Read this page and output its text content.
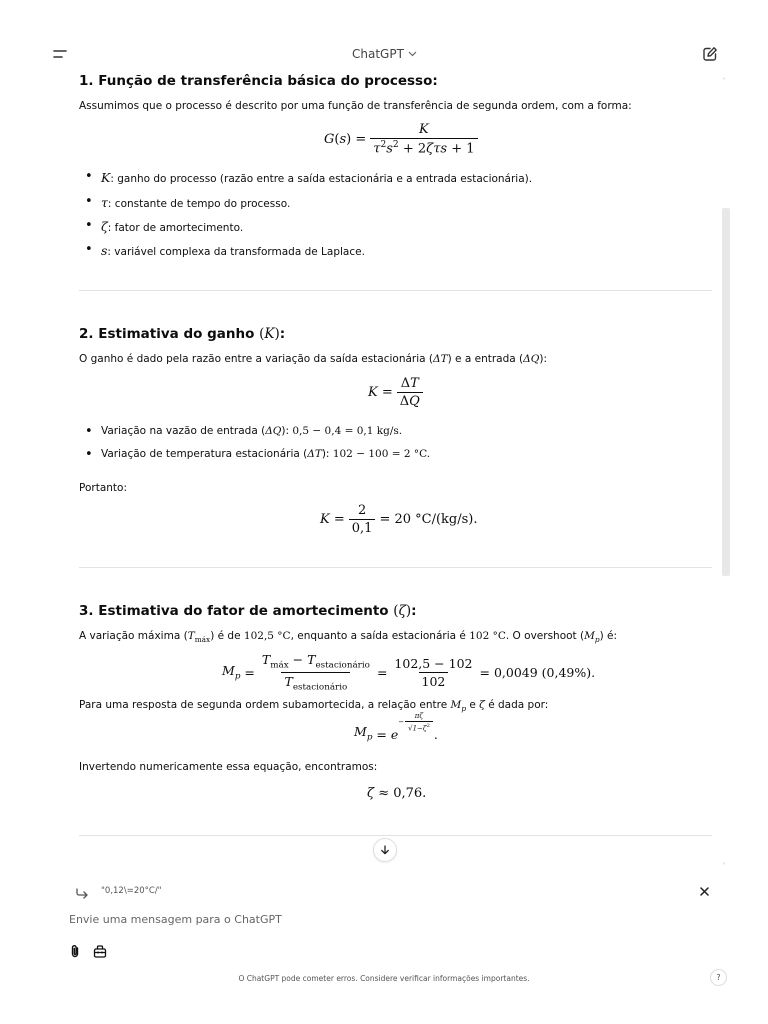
ChatGPT
˄
˅
1. Função de transferência básica do processo:
Assumimos que o processo é descrito por uma função de transferência de segunda ordem, com a forma:
G ( s ) = $\frac{K}{\tau^2s^2 + 2\zeta\tau s + 1}$
• K: ganho do processo (razão entre a saída estacionária e a entrada estacionária).
• τ: constante de tempo do processo.
• ζ: fator de amortecimento.
• s: variável complexa da transformada de Laplace.
2. Estimativa do ganho (K):
O ganho é dado pela razão entre a variação da saída estacionária (ΔT) e a entrada (ΔQ):
$K = \frac{\Delta T}{\Delta Q}$
• Variação na vazão de entrada (ΔQ): 0,5 − 0,4 = 0,1 kg/s.
• Variação de temperatura estacionária (ΔT): 102 − 100 = 2 °C.
Portanto:
$K = \frac{2}{0,1} = 20$ °C/(kg/s).
3. Estimativa do fator de amortecimento (ζ):
A variação máxima $(T_{máx})$ é de 102,5 °C, enquanto a saída estacionária é 102 °C. O overshoot $(M_p)$ é:
$M_p = \frac{T_{máx} - T_{estacionário}}{T_{estacionário}} = \frac{102,5 - 102}{102} = 0,0049$ (0,49%).
Para uma resposta de segunda ordem subamortecida, a relação entre $M_p$ e ζ é dada por:
$M_p = e$
− $\frac{\pi\zeta}{√1-\zeta^2}$
.
Invertendo numericamente essa equação, encontramos:
ζ ≈ 0,76.
"0,12\=20°C/"
Envie uma mensagem para o ChatGPT
O ChatGPT pode cometer erros. Considere verificar informações importantes.	?
